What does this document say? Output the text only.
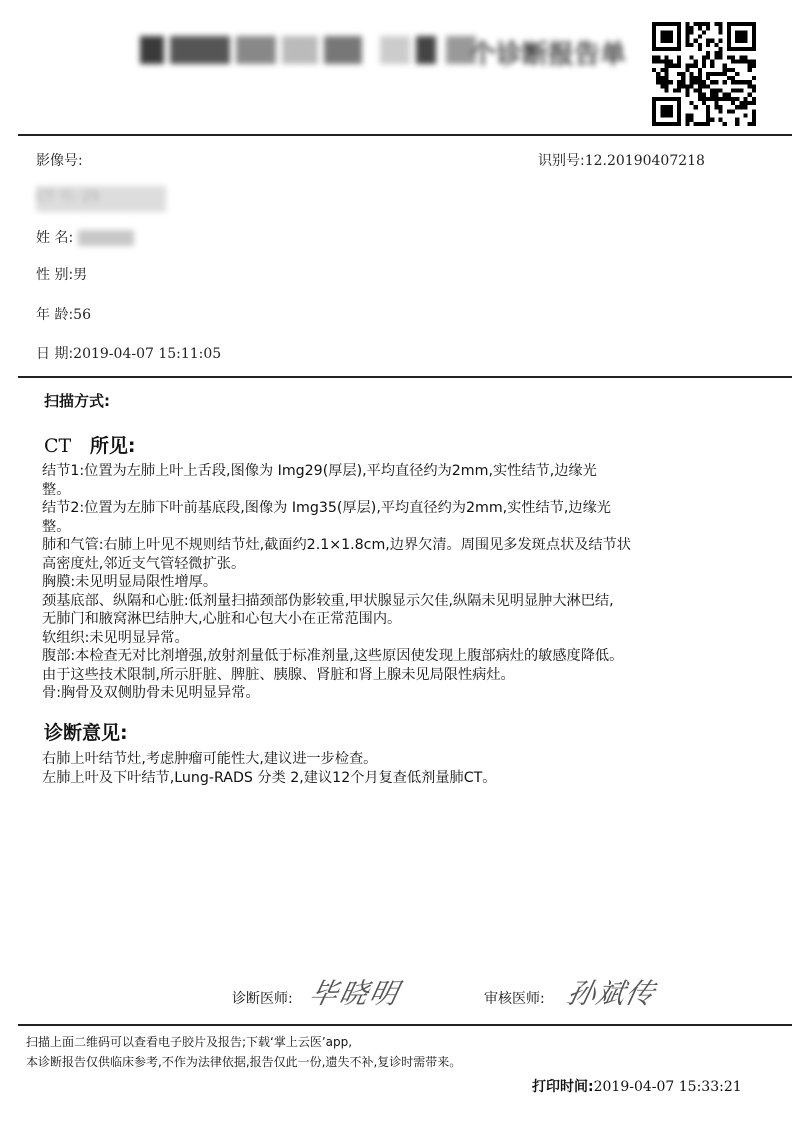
个诊断报告单
影像号:	识别号:12.20190407218
CT 号: 25
姓 名:
性 别:男
年 龄:56
日 期:2019-04-07 15:11:05
扫描方式:
CT 所见:
结节1:位置为左肺上叶上舌段,图像为 Img29(厚层),平均直径约为2mm,实性结节,边缘光
整。
结节2:位置为左肺下叶前基底段,图像为 Img35(厚层),平均直径约为2mm,实性结节,边缘光
整。
肺和气管:右肺上叶见不规则结节灶,截面约2.1×1.8cm,边界欠清。周围见多发斑点状及结节状
高密度灶,邻近支气管轻微扩张。
胸膜:未见明显局限性增厚。
颈基底部、纵隔和心脏:低剂量扫描颈部伪影较重,甲状腺显示欠佳,纵隔未见明显肿大淋巴结,
无肺门和腋窝淋巴结肿大,心脏和心包大小在正常范围内。
软组织:未见明显异常。
腹部:本检查无对比剂增强,放射剂量低于标准剂量,这些原因使发现上腹部病灶的敏感度降低。
由于这些技术限制,所示肝脏、脾脏、胰腺、肾脏和肾上腺未见局限性病灶。
骨:胸骨及双侧肋骨未见明显异常。
诊断意见:
右肺上叶结节灶,考虑肿瘤可能性大,建议进一步检查。
左肺上叶及下叶结节,Lung-RADS 分类 2,建议12个月复查低剂量肺CT。
诊断医师: 毕晓明	审核医师: 孙斌传
扫描上面二维码可以查看电子胶片及报告;下载‘掌上云医’app,
本诊断报告仅供临床参考,不作为法律依据,报告仅此一份,遗失不补,复诊时需带来。
打印时间:2019-04-07 15:33:21
